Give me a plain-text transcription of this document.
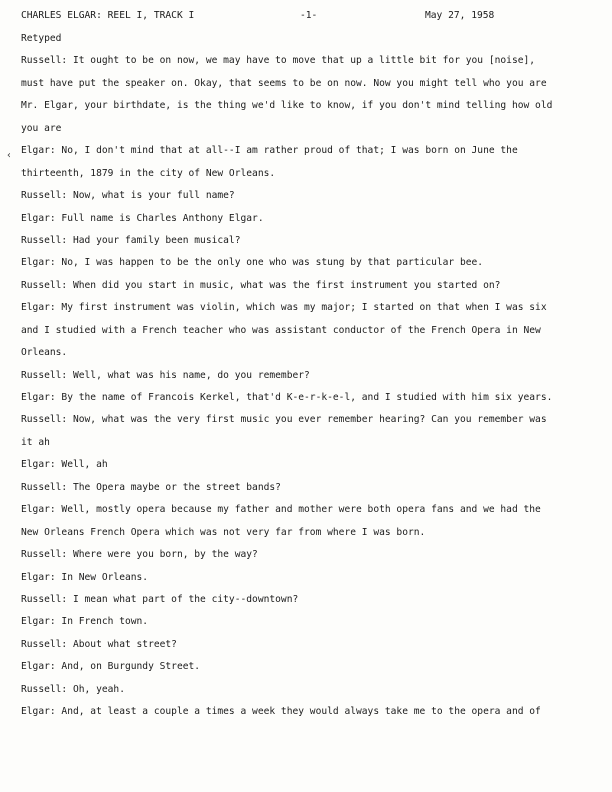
CHARLES ELGAR: REEL I, TRACK I	-1-	May 27, 1958
‹
Retyped
Russell: It ought to be on now, we may have to move that up a little bit for you [noise],
must have put the speaker on. Okay, that seems to be on now. Now you might tell who you are
Mr. Elgar, your birthdate, is the thing we'd like to know, if you don't mind telling how old
you are
Elgar: No, I don't mind that at all--I am rather proud of that; I was born on June the
thirteenth, 1879 in the city of New Orleans.
Russell: Now, what is your full name?
Elgar: Full name is Charles Anthony Elgar.
Russell: Had your family been musical?
Elgar: No, I was happen to be the only one who was stung by that particular bee.
Russell: When did you start in music, what was the first instrument you started on?
Elgar: My first instrument was violin, which was my major; I started on that when I was six
and I studied with a French teacher who was assistant conductor of the French Opera in New
Orleans.
Russell: Well, what was his name, do you remember?
Elgar: By the name of Francois Kerkel, that'd K-e-r-k-e-l, and I studied with him six years.
Russell: Now, what was the very first music you ever remember hearing? Can you remember was
it ah
Elgar: Well, ah
Russell: The Opera maybe or the street bands?
Elgar: Well, mostly opera because my father and mother were both opera fans and we had the
New Orleans French Opera which was not very far from where I was born.
Russell: Where were you born, by the way?
Elgar: In New Orleans.
Russell: I mean what part of the city--downtown?
Elgar: In French town.
Russell: About what street?
Elgar: And, on Burgundy Street.
Russell: Oh, yeah.
Elgar: And, at least a couple a times a week they would always take me to the opera and of
